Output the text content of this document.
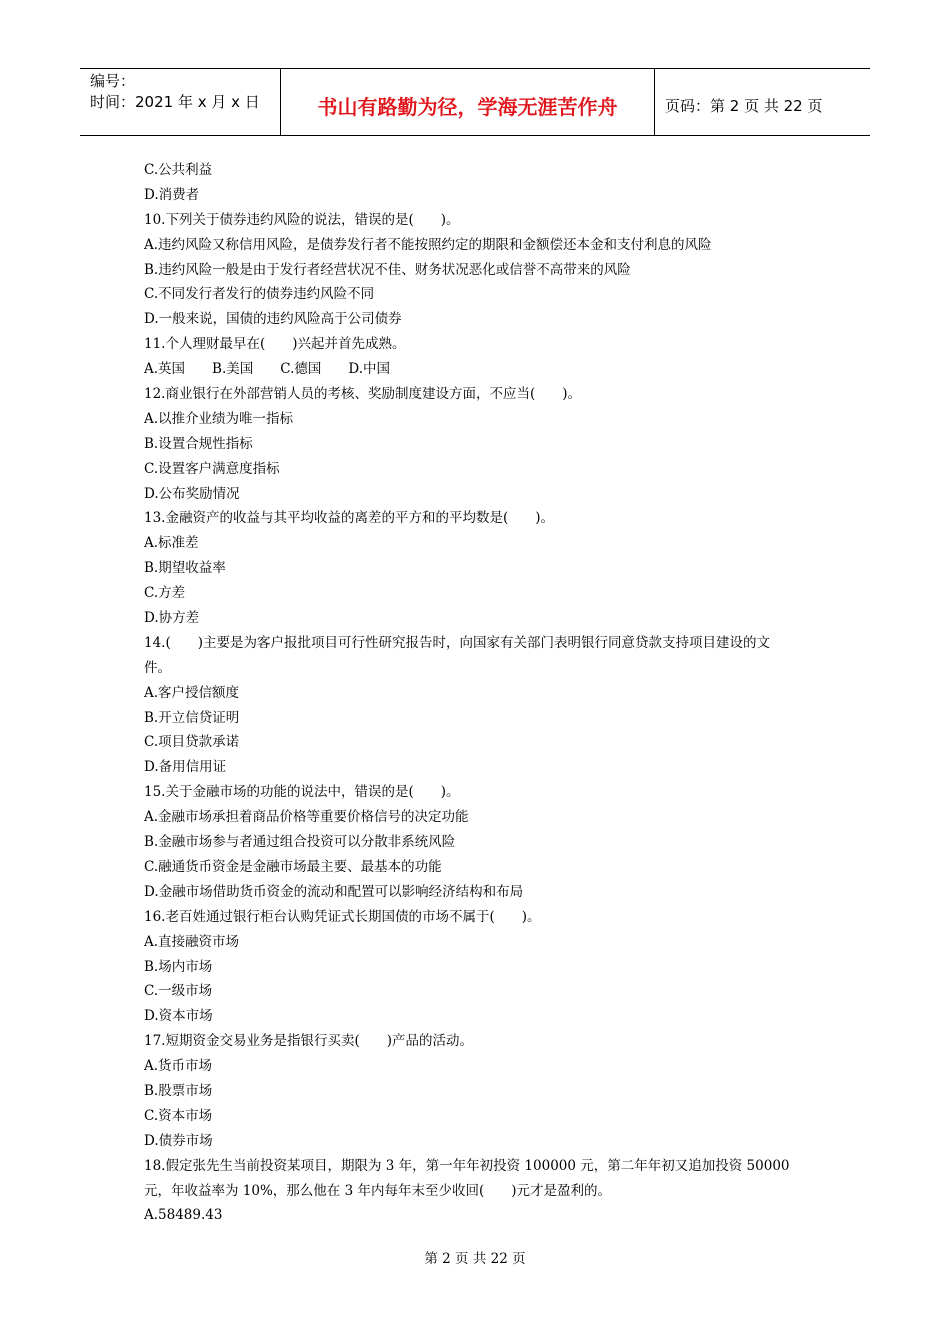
编号：
时间：2021 年 x 月 x 日	书山有路勤为径，学海无涯苦作舟	页码：第 2 页 共 22 页
C.公共利益
D.消费者
10.下列关于债券违约风险的说法，错误的是(　　)。
A.违约风险又称信用风险，是债券发行者不能按照约定的期限和金额偿还本金和支付利息的风险
B.违约风险一般是由于发行者经营状况不佳、财务状况恶化或信誉不高带来的风险
C.不同发行者发行的债券违约风险不同
D.一般来说，国债的违约风险高于公司债券
11.个人理财最早在(　　)兴起并首先成熟。
A.英国　　B.美国　　C.德国　　D.中国
12.商业银行在外部营销人员的考核、奖励制度建设方面，不应当(　　)。
A.以推介业绩为唯一指标
B.设置合规性指标
C.设置客户满意度指标
D.公布奖励情况
13.金融资产的收益与其平均收益的离差的平方和的平均数是(　　)。
A.标准差
B.期望收益率
C.方差
D.协方差
14.(　　)主要是为客户报批项目可行性研究报告时，向国家有关部门表明银行同意贷款支持项目建设的文
件。
A.客户授信额度
B.开立信贷证明
C.项目贷款承诺
D.备用信用证
15.关于金融市场的功能的说法中，错误的是(　　)。
A.金融市场承担着商品价格等重要价格信号的决定功能
B.金融市场参与者通过组合投资可以分散非系统风险
C.融通货币资金是金融市场最主要、最基本的功能
D.金融市场借助货币资金的流动和配置可以影响经济结构和布局
16.老百姓通过银行柜台认购凭证式长期国债的市场不属于(　　)。
A.直接融资市场
B.场内市场
C.一级市场
D.资本市场
17.短期资金交易业务是指银行买卖(　　)产品的活动。
A.货币市场
B.股票市场
C.资本市场
D.债券市场
18.假定张先生当前投资某项目，期限为 3 年，第一年年初投资 100000 元，第二年年初又追加投资 50000
元，年收益率为 10%，那么他在 3 年内每年末至少收回(　　)元才是盈利的。
A.58489.43
第 2 页 共 22 页
